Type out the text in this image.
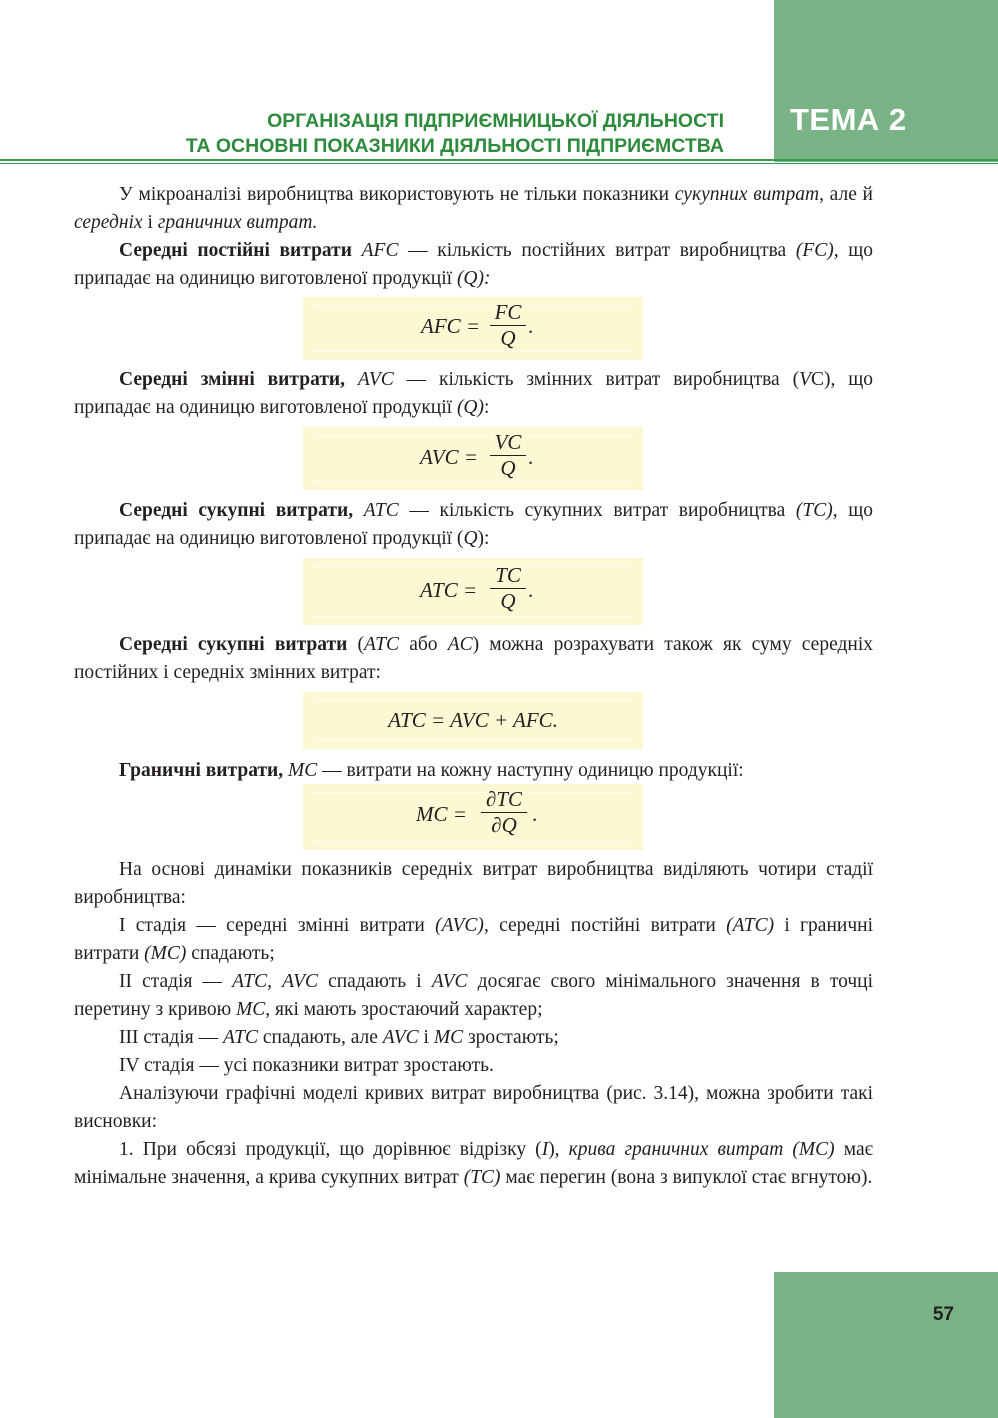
ТЕМА 2
ОРГАНІЗАЦІЯ ПІДПРИЄМНИЦЬКОЇ ДІЯЛЬНОСТІ
ТА ОСНОВНІ ПОКАЗНИКИ ДІЯЛЬНОСТІ ПІДПРИЄМСТВА

У мікроаналізі виробництва використовують не тільки показники сукупних витрат, але й середніх і граничних витрат.

Середні постійні витрати AFC — кількість постійних витрат виробництва (FC), що припадає на одиницю виготовленої продукції (Q):

AFC =
FC
Q
.

Середні змінні витрати, AVC — кількість змінних витрат виробництва (VC), що припадає на одиницю виготовленої продукції (Q):

AVC =
VC
Q .

Середні сукупні витрати, ATC — кількість сукупних витрат виробництва (TC), що припадає на одиницю виготовленої продукції (Q):

ATC =
TC
Q .

Середні сукупні витрати (ATC або AC) можна розрахувати також як суму середніх постійних і середніх змінних витрат:

ATC = AVC + AFC.

Граничні витрати, MC — витрати на кожну наступну одиницю продукції:

MC =
∂TC
∂Q .

На основі динаміки показників середніх витрат виробництва виділяють чотири стадії виробництва:

І стадія — середні змінні витрати (AVC), середні постійні витрати (ATC) і граничні витрати (MC) спадають;

ІІ стадія — ATC, AVC спадають і AVC досягає свого мінімального значення в точці перетину з кривою MC, які мають зростаючий характер;

ІІІ стадія — ATC спадають, але AVC і MC зростають;

IV стадія — усі показники витрат зростають.

Аналізуючи графічні моделі кривих витрат виробництва (рис. 3.14), можна зробити такі висновки:

1. При обсязі продукції, що дорівнює відрізку (I), крива граничних витрат (MC) має мінімальне значення, а крива сукупних витрат (TC) має перегин (вона з випуклої стає вгнутою).

57
